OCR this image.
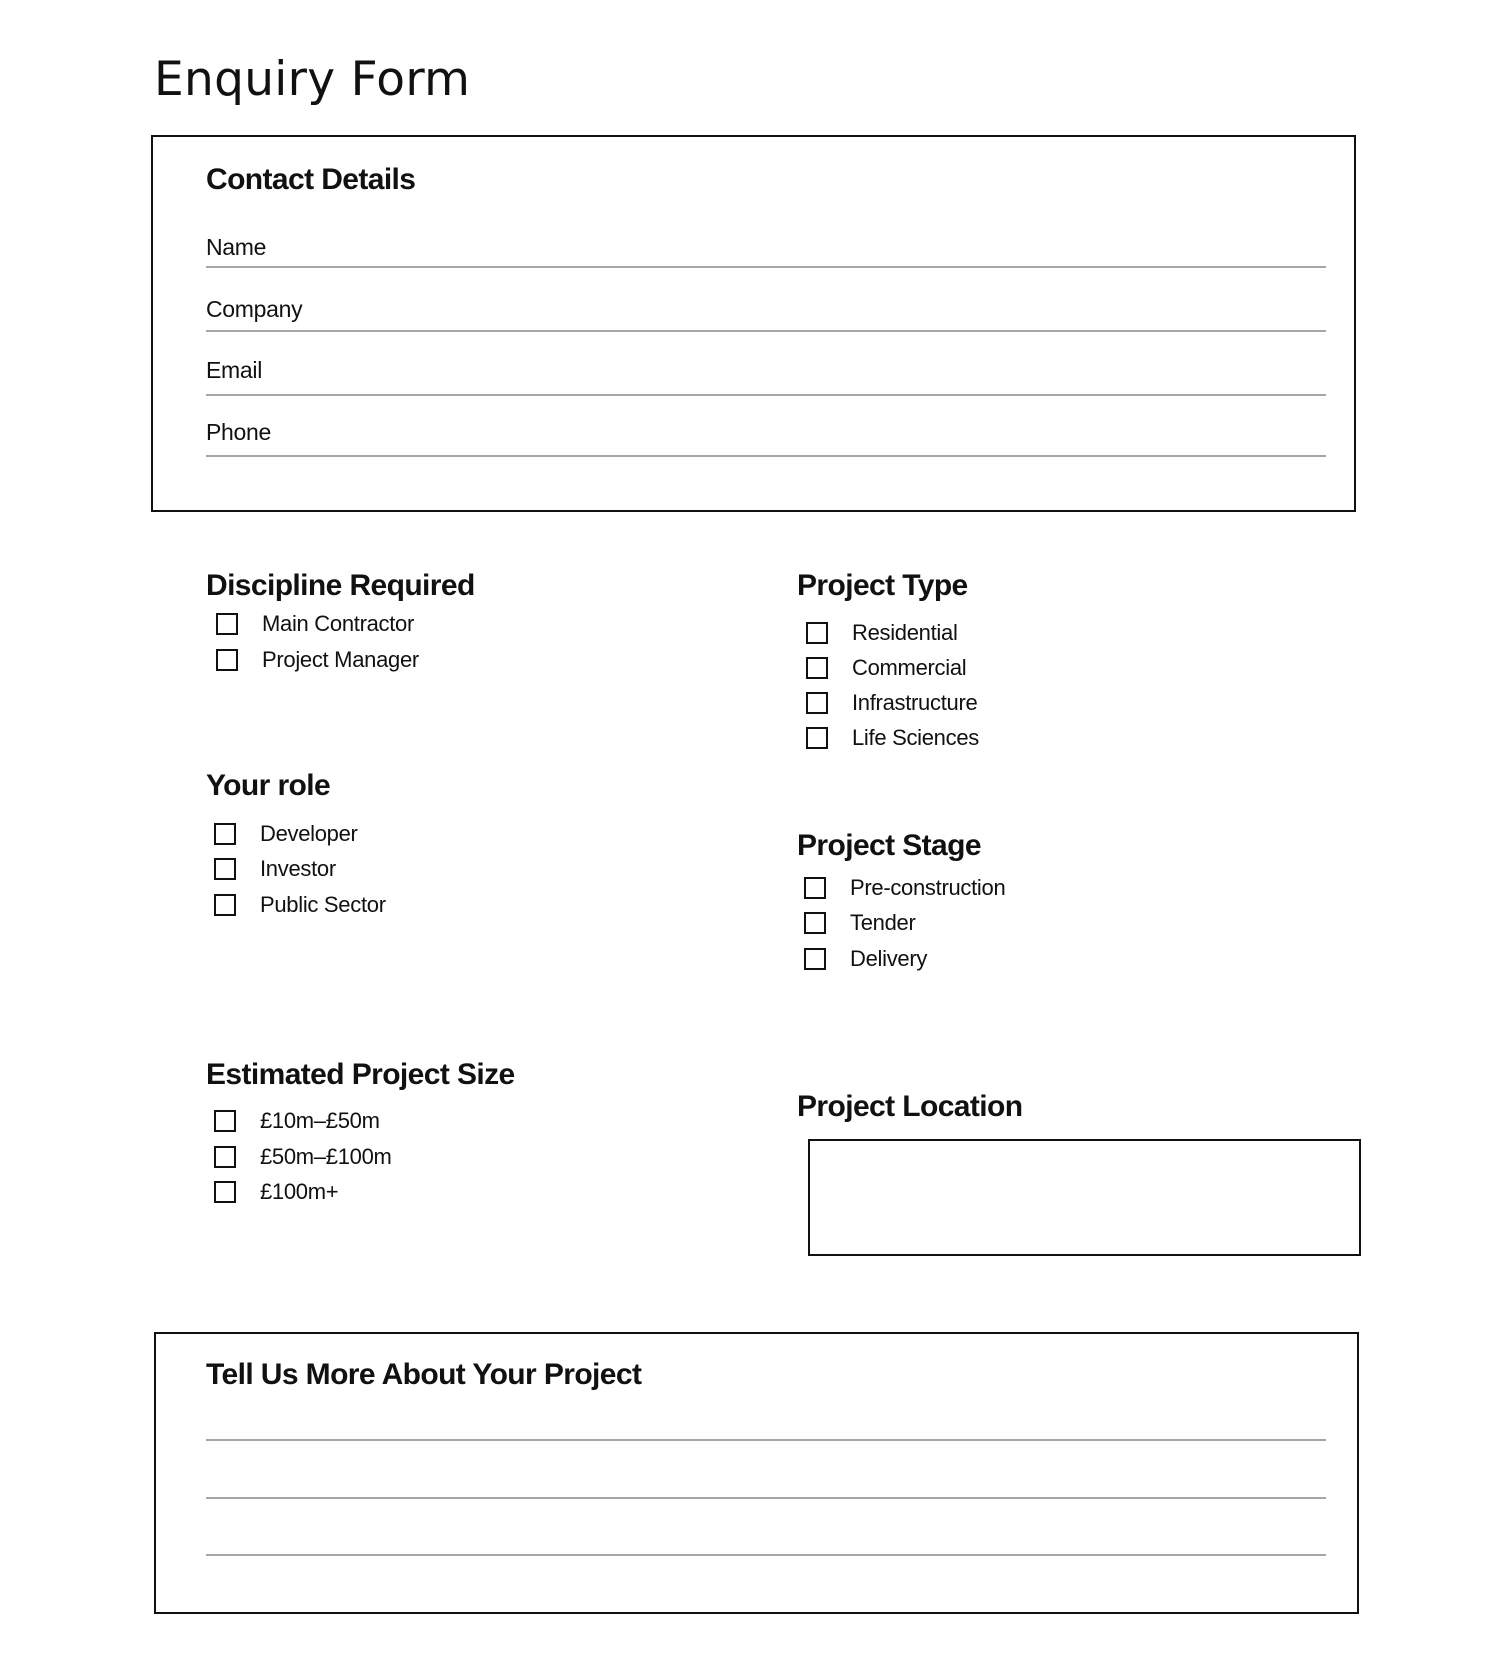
Enquiry Form
Contact Details
Name
Company
Email
Phone
Discipline Required
Main Contractor
Project Manager
Your role
Developer
Investor
Public Sector
Estimated Project Size
£10m–£50m
£50m–£100m
£100m+
Project Type
Residential
Commercial
Infrastructure
Life Sciences
Project Stage
Pre-construction
Tender
Delivery
Project Location
Tell Us More About Your Project
